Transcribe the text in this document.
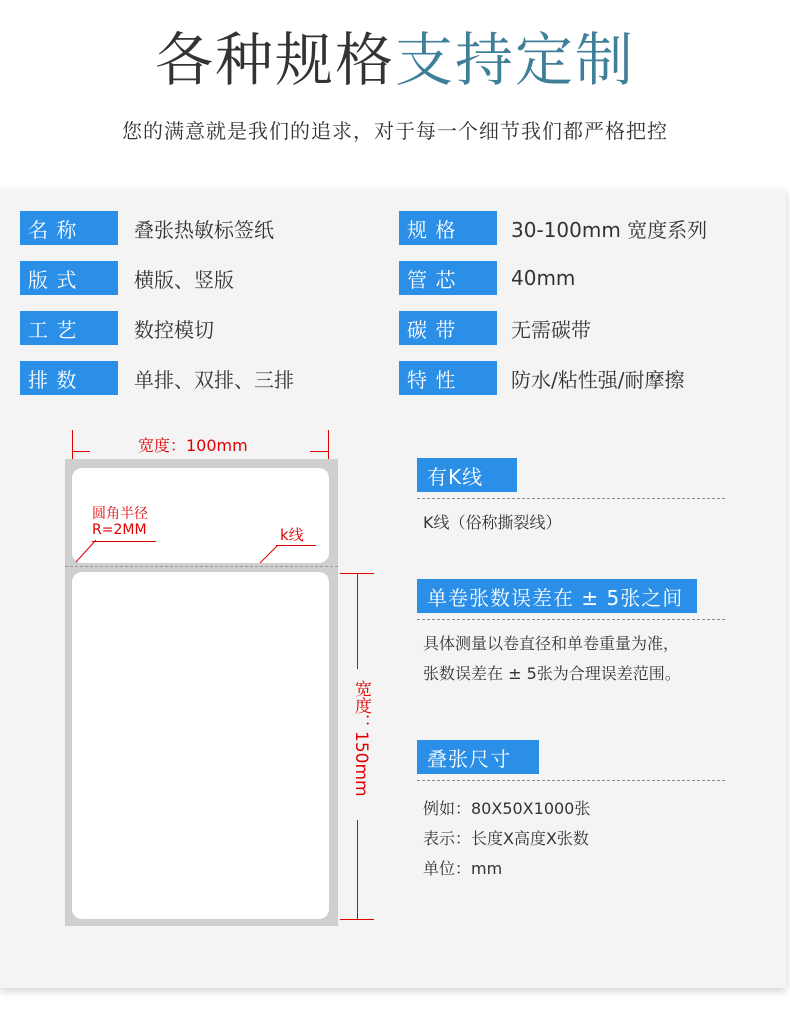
各种规格支持定制
您的满意就是我们的追求，对于每一个细节我们都严格把控
名 称	叠张热敏标签纸	规 格	30-100mm 宽度系列
版 式	横版、竖版	管 芯	40mm
工 艺	数控模切	碳 带	无需碳带
排 数	单排、双排、三排	特 性	防水/粘性强/耐摩擦
宽度：100mm
圆角半径
R=2MM	k线
宽度：150mm
有K线
K线（俗称撕裂线）
单卷张数误差在 ± 5张之间
具体测量以卷直径和单卷重量为准，
张数误差在 ± 5张为合理误差范围。
叠张尺寸
例如：80X50X1000张
表示：长度X高度X张数
单位：mm
